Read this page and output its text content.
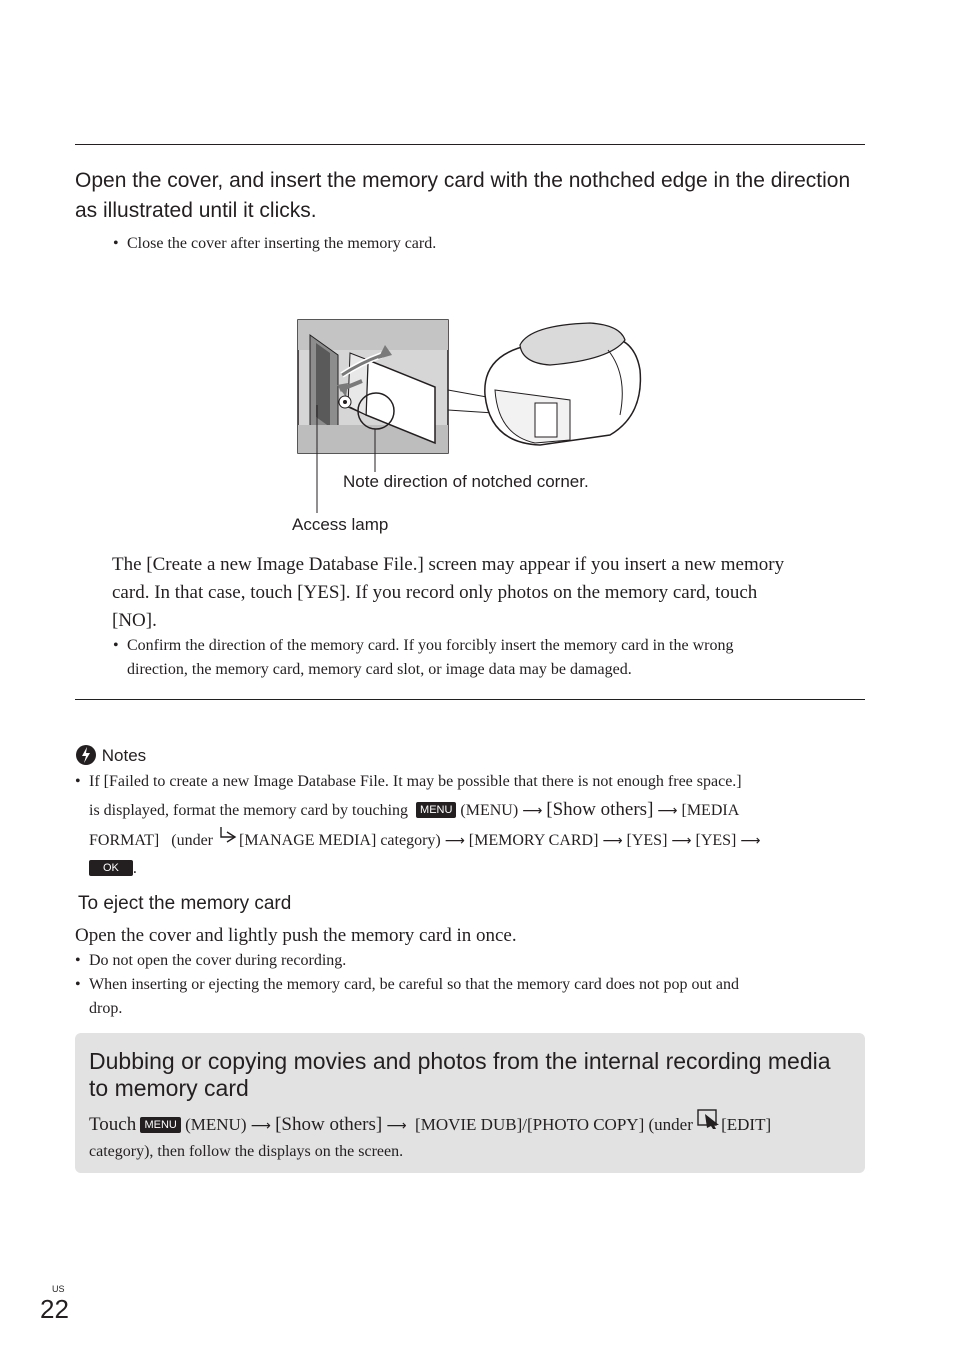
Open the cover, and insert the memory card with the nothched edge in the direction as illustrated until it clicks.
• Close the cover after inserting the memory card.
Note direction of notched corner.
Access lamp
The [Create a new Image Database File.] screen may appear if you insert a new memory
card. In that case, touch [YES]. If you record only photos on the memory card, touch
[NO].
• Confirm the direction of the memory card. If you forcibly insert the memory card in the wrong
direction, the memory card, memory card slot, or image data may be damaged.
Notes
• If [Failed to create a new Image Database File. It may be possible that there is not enough free space.]
is displayed, format the memory card by touching MENU (MENU) ⟶ [Show others] ⟶ [MEDIA
FORMAT] (under [MANAGE MEDIA] category) ⟶ [MEMORY CARD] ⟶ [YES] ⟶ [YES] ⟶
OK .
To eject the memory card
Open the cover and lightly push the memory card in once.
• Do not open the cover during recording.
• When inserting or ejecting the memory card, be careful so that the memory card does not pop out and
drop.
Dubbing or copying movies and photos from the internal recording media
to memory card
Touch MENU (MENU) ⟶ [Show others] ⟶ [MOVIE DUB]/[PHOTO COPY] (under [EDIT]
category), then follow the displays on the screen.
US
22
